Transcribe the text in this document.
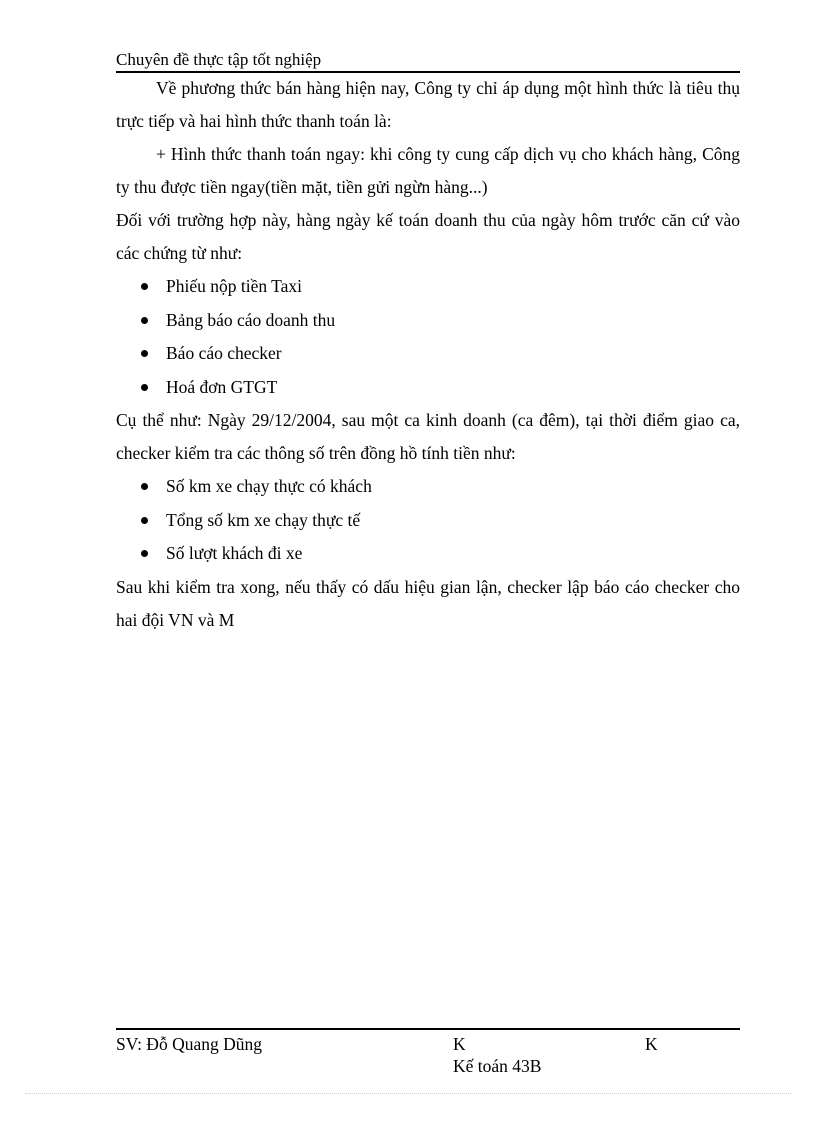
Chuyên đề thực tập tốt nghiệp

Về phương thức bán hàng hiện nay, Công ty chỉ áp dụng một hình thức là tiêu thụ trực tiếp và hai hình thức thanh toán là:

+ Hình thức thanh toán ngay: khi công ty cung cấp dịch vụ cho khách hàng, Công ty thu được tiền ngay(tiền mặt, tiền gửi ngừn hàng...)

Đối với trường hợp này, hàng ngày kế toán doanh thu của ngày hôm trước căn cứ vào các chứng từ như:

Phiếu nộp tiền Taxi
Bảng báo cáo doanh thu
Báo cáo checker
Hoá đơn GTGT

Cụ thể như: Ngày 29/12/2004, sau một ca kinh doanh (ca đêm), tại thời điểm giao ca, checker kiểm tra các thông số trên đồng hồ tính tiền như:

Số km xe chạy thực có khách
Tổng số km xe chạy thực tế
Số lượt khách đi xe

Sau khi kiểm tra xong, nếu thấy có dấu hiệu gian lận, checker lập báo cáo checker cho hai đội VN và M

SV: Đỗ Quang Dũng	K
Kế toán 43B
K
